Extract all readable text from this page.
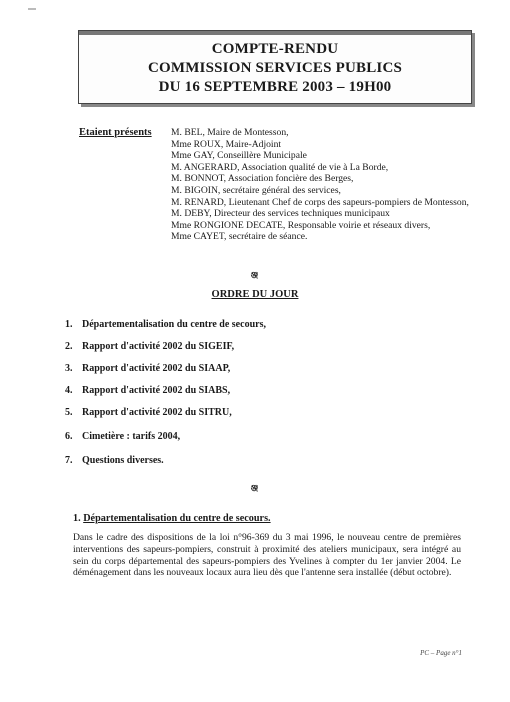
COMPTE-RENDU
COMMISSION SERVICES PUBLICS
DU 16 SEPTEMBRE 2003 – 19H00
Etaient présents M. BEL, Maire de Montesson,
Mme ROUX, Maire-Adjoint
Mme GAY, Conseillère Municipale
M. ANGERARD, Association qualité de vie à La Borde,
M. BONNOT, Association foncière des Berges,
M. BIGOIN, secrétaire général des services,
M. RENARD, Lieutenant Chef de corps des sapeurs-pompiers de Montesson,
M. DEBY, Directeur des services techniques municipaux
Mme RONGIONE DECATE, Responsable voirie et réseaux divers,
Mme CAYET, secrétaire de séance.
ঞ্জ
ORDRE DU JOUR
1. Départementalisation du centre de secours,
2. Rapport d'activité 2002 du SIGEIF,
3. Rapport d'activité 2002 du SIAAP,
4. Rapport d'activité 2002 du SIABS,
5. Rapport d'activité 2002 du SITRU,
6. Cimetière : tarifs 2004,
7. Questions diverses.
ঞ্জ
1. Départementalisation du centre de secours.
Dans le cadre des dispositions de la loi n°96-369 du 3 mai 1996, le nouveau centre de premières interventions des sapeurs-pompiers, construit à proximité des ateliers municipaux, sera intégré au sein du corps départemental des sapeurs-pompiers des Yvelines à compter du 1er janvier 2004. Le déménagement dans les nouveaux locaux aura lieu dès que l'antenne sera installée (début octobre).
PC – Page n°1
